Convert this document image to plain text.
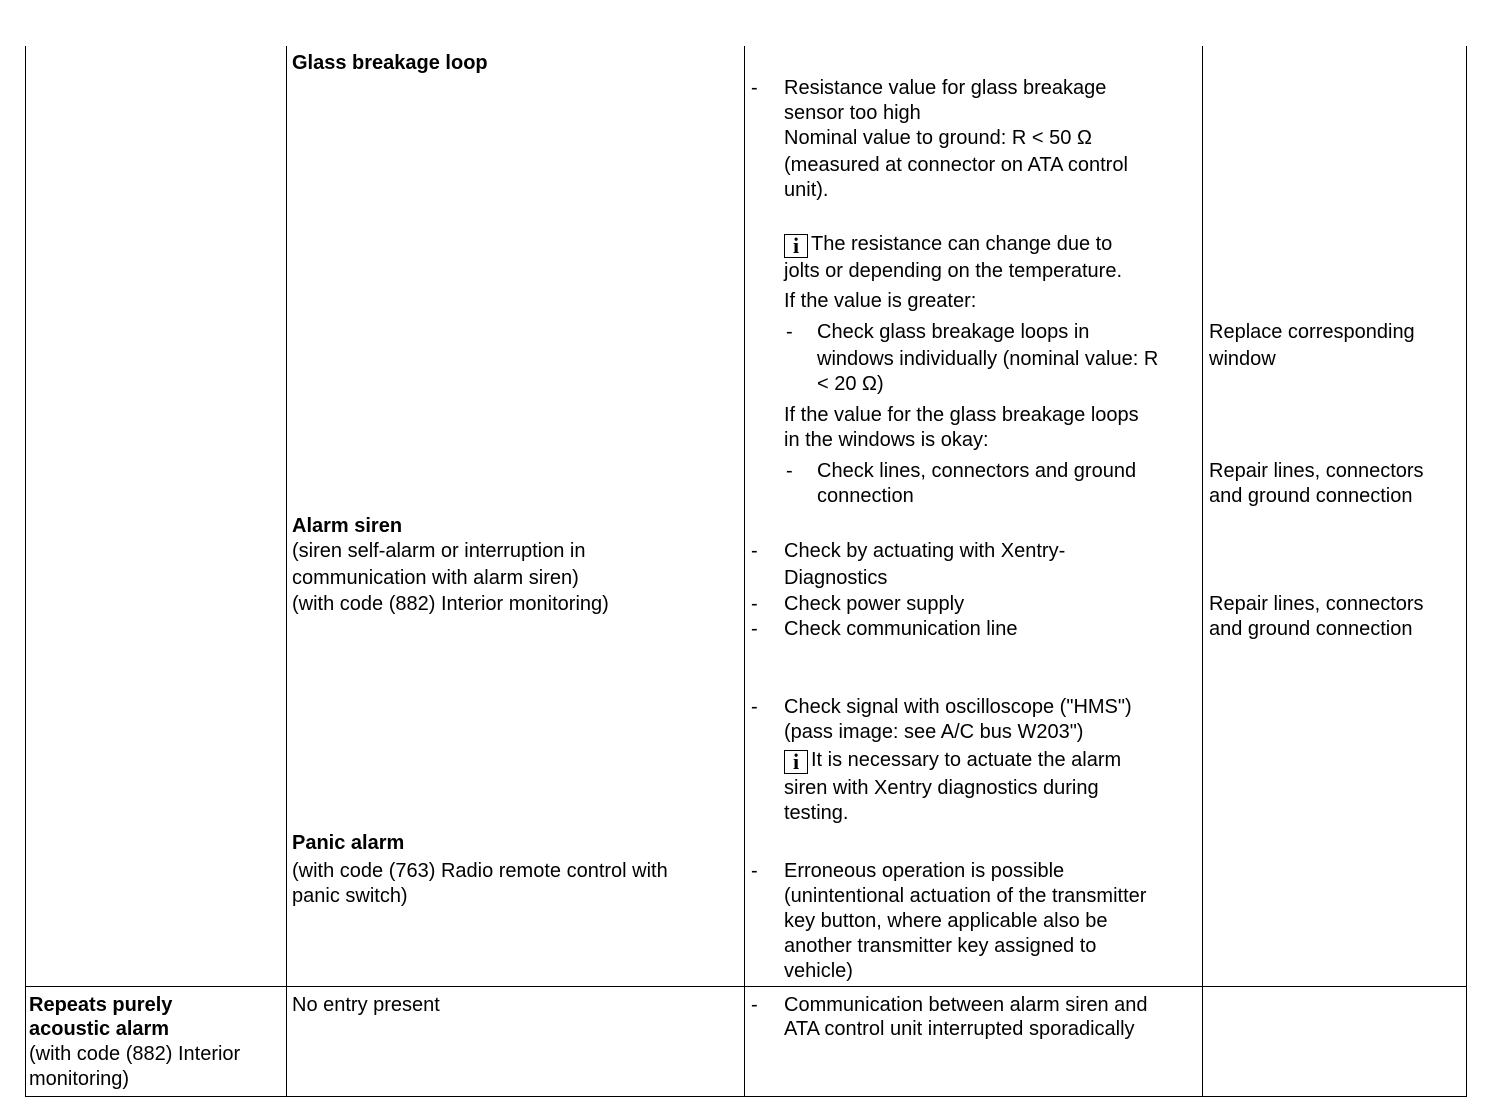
Glass breakage loop
Alarm siren
(siren self-alarm or interruption in
communication with alarm siren)
(with code (882) Interior monitoring)
Panic alarm
(with code (763) Radio remote control with
panic switch)
- Resistance value for glass breakage
sensor too high
Nominal value to ground: R < 50 Ω
(measured at connector on ATA control
unit).
i The resistance can change due to
jolts or depending on the temperature.
If the value is greater:
- Check glass breakage loops in
windows individually (nominal value: R
< 20 Ω)
If the value for the glass breakage loops
in the windows is okay:
- Check lines, connectors and ground
connection
- Check by actuating with Xentry-
Diagnostics
- Check power supply
- Check communication line
- Check signal with oscilloscope ("HMS")
(pass image: see A/C bus W203")
i It is necessary to actuate the alarm
siren with Xentry diagnostics during
testing.
- Erroneous operation is possible
(unintentional actuation of the transmitter
key button, where applicable also be
another transmitter key assigned to
vehicle)
Replace corresponding
window
Repair lines, connectors
and ground connection
Repair lines, connectors
and ground connection
Repeats purely
acoustic alarm
(with code (882) Interior
monitoring)
No entry present	- Communication between alarm siren and
ATA control unit interrupted sporadically
